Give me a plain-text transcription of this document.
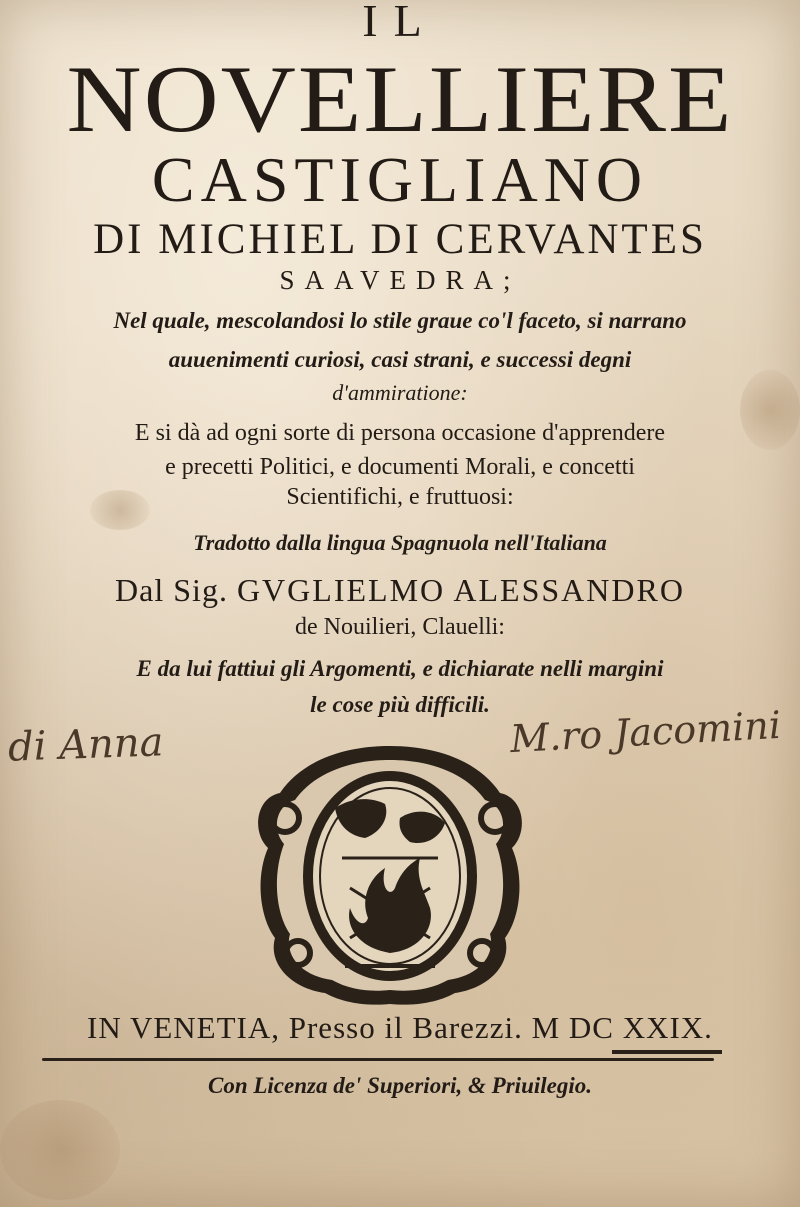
IL
NOVELLIERE
CASTIGLIANO
DI MICHIEL DI CERVANTES
SAAVEDRA;
Nel quale, mescolandosi lo stile graue co'l faceto, si narrano
auuenimenti curiosi, casi strani, e successi degni
d'ammiratione:
E si dà ad ogni sorte di persona occasione d'apprendere
e precetti Politici, e documenti Morali, e concetti
Scientifichi, e fruttuosi:
Tradotto dalla lingua Spagnuola nell'Italiana
Dal Sig. GVGLIELMO ALESSANDRO
de Nouilieri, Clauelli:
E da lui fattiui gli Argomenti, e dichiarate nelli margini
le cose più difficili.
di Anna	M.ro Jacomini
IN VENETIA, Presso il Barezzi. M DC XXIX.
Con Licenza de' Superiori, & Priuilegio.
